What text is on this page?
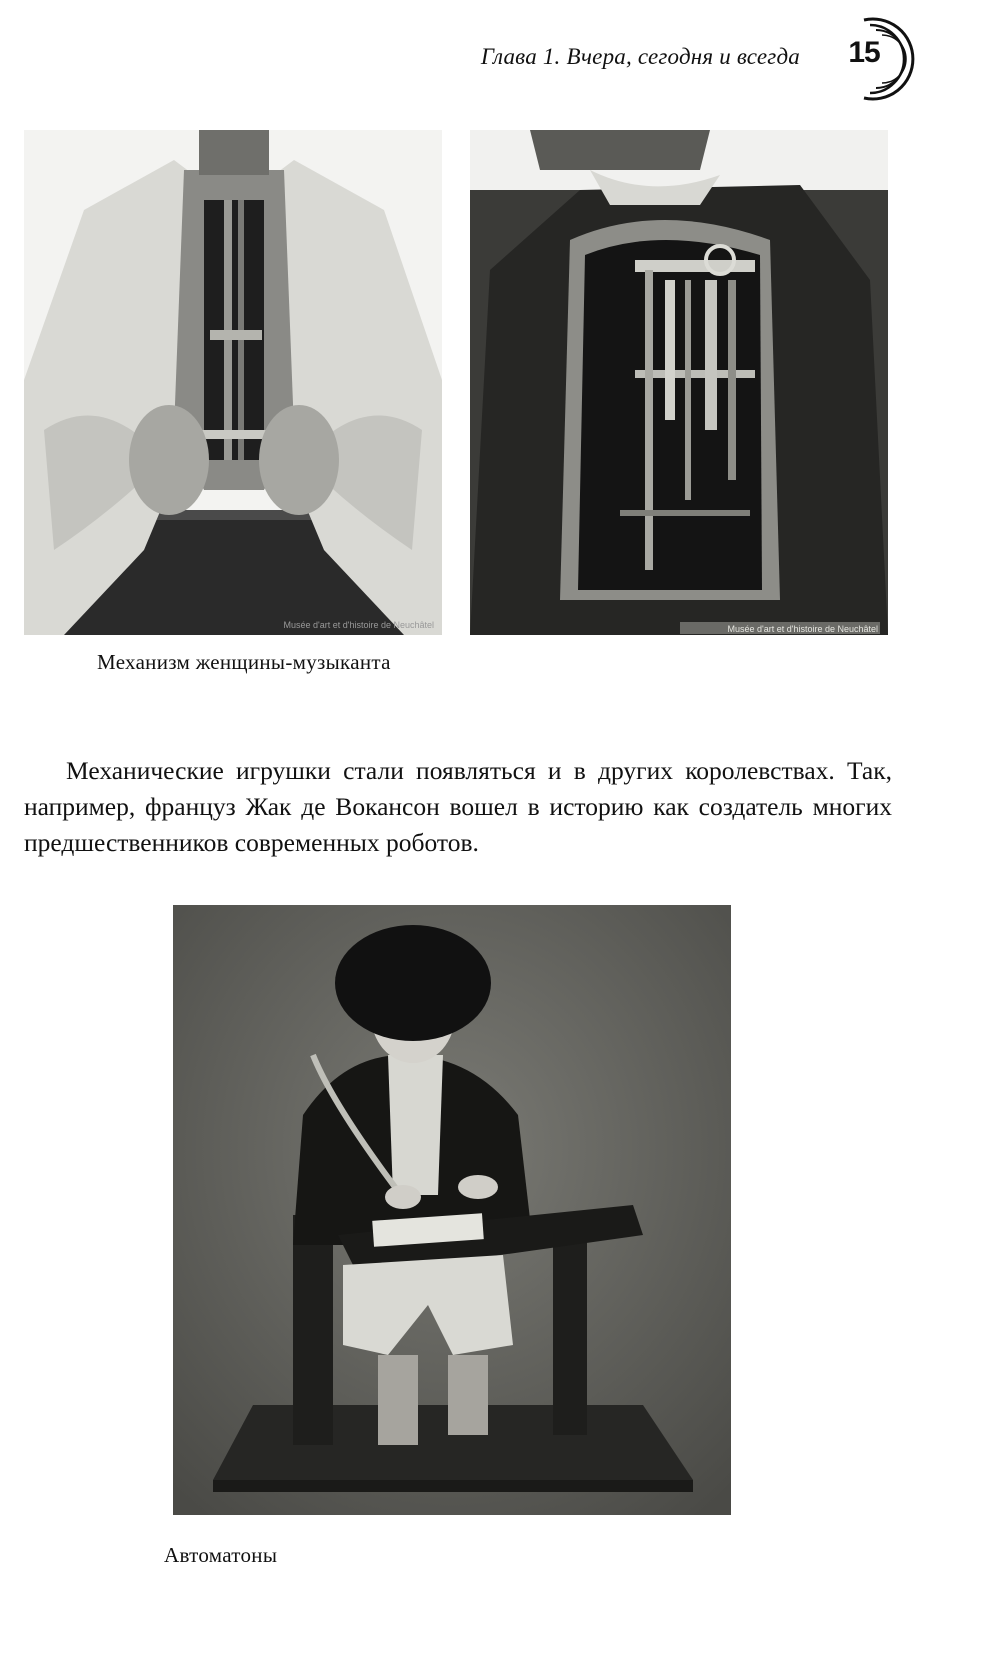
Глава 1. Вчера, сегодня и всегда 15
Musée d'art et d'histoire de Neuchâtel	Musée d'art et d'histoire de Neuchâtel
Механизм женщины-музыканта

Механические игрушки стали появляться и в других королевствах. Так, например, француз Жак де Вокансон вошел в историю как создатель многих предшественников современных роботов.

Автоматоны
